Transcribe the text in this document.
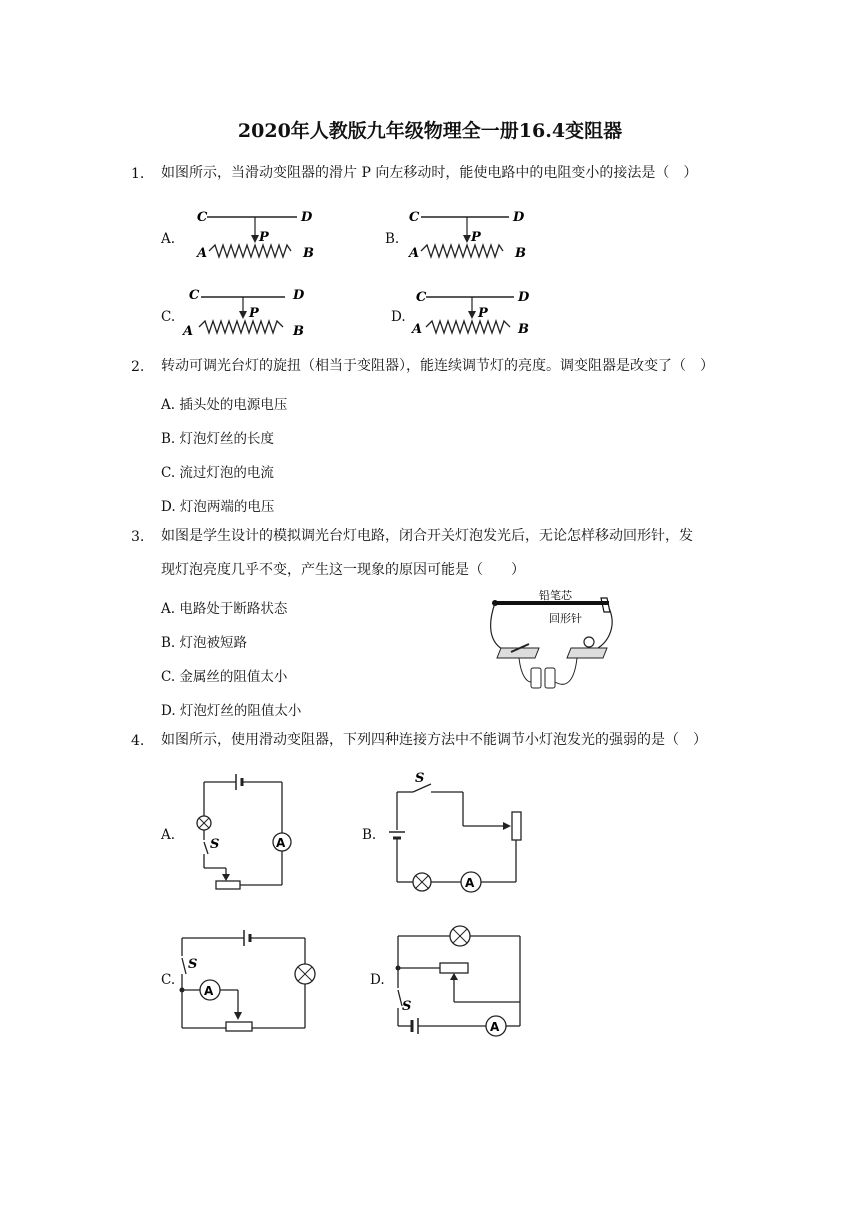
2020年人教版九年级物理全一册16.4变阻器
1. 如图所示，当滑动变阻器的滑片 P 向左移动时，能使电路中的电阻变小的接法是（　）
A.	B.
C.	D.
C	D
A	B
P
C	D
A	B
P
C	D
A	B
P
C	D
A	B
P
2. 转动可调光台灯的旋扭（相当于变阻器），能连续调节灯的亮度。调变阻器是改变了（　）
A. 插头处的电源电压
B. 灯泡灯丝的长度
C. 流过灯泡的电流
D. 灯泡两端的电压
3. 如图是学生设计的模拟调光台灯电路，闭合开关灯泡发光后，无论怎样移动回形针，发
现灯泡亮度几乎不变，产生这一现象的原因可能是（　　）
A. 电路处于断路状态
B. 灯泡被短路
C. 金属丝的阻值太小
D. 灯泡灯丝的阻值太小
铅笔芯
回形针
4. 如图所示，使用滑动变阻器，下列四种连接方法中不能调节小灯泡发光的强弱的是（　）
A.	B.
C.	D.
S	A
S
A
S
A
S
A
